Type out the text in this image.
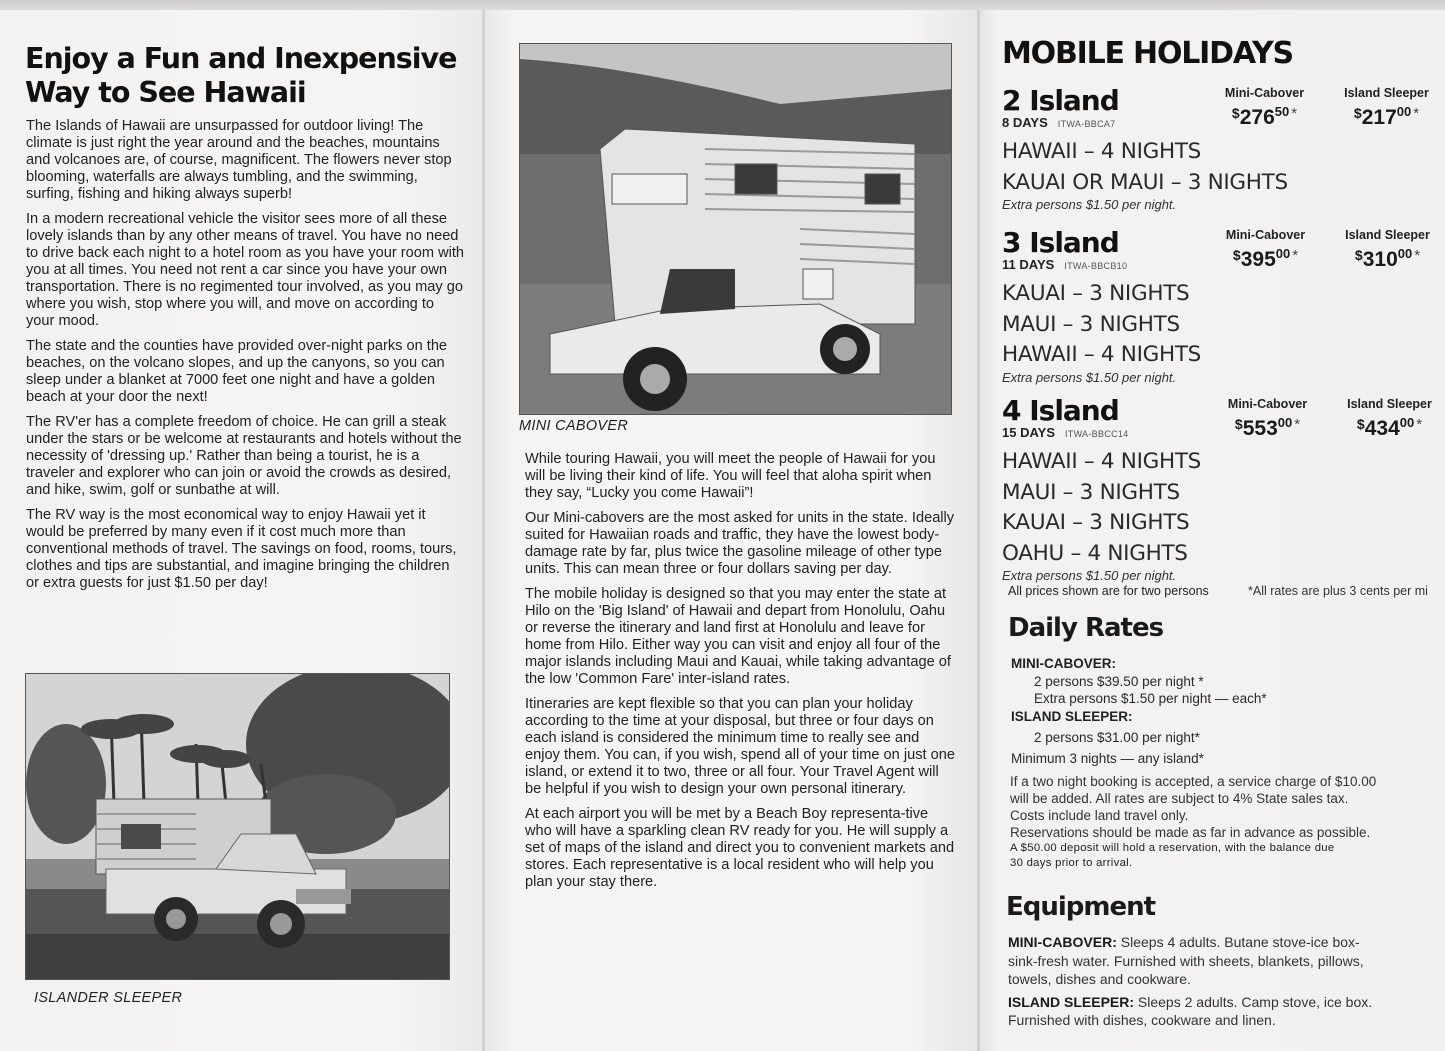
Enjoy a Fun and Inexpensive
Way to See Hawaii

The Islands of Hawaii are unsurpassed for outdoor living! The climate is just right the year around and the beaches, mountains and volcanoes are, of course, magnificent. The flowers never stop blooming, waterfalls are always tumbling, and the swimming, surfing, fishing and hiking always superb!

In a modern recreational vehicle the visitor sees more of all these lovely islands than by any other means of travel. You have no need to drive back each night to a hotel room as you have your room with you at all times. You need not rent a car since you have your own transportation. There is no regimented tour involved, as you may go where you wish, stop where you will, and move on according to your mood.

The state and the counties have provided over-night parks on the beaches, on the volcano slopes, and up the canyons, so you can sleep under a blanket at 7000 feet one night and have a golden beach at your door the next!

The RV'er has a complete freedom of choice. He can grill a steak under the stars or be welcome at restaurants and hotels without the necessity of 'dressing up.' Rather than being a tourist, he is a traveler and explorer who can join or avoid the crowds as desired, and hike, swim, golf or sunbathe at will.

The RV way is the most economical way to enjoy Hawaii yet it would be preferred by many even if it cost much more than conventional methods of travel. The savings on food, rooms, tours, clothes and tips are substantial, and imagine bringing the children or extra guests for just $1.50 per day!

ISLANDER SLEEPER
MINI CABOVER

While touring Hawaii, you will meet the people of Hawaii for you will be living their kind of life. You will feel that aloha spirit when they say, “Lucky you come Hawaii”!

Our Mini-cabovers are the most asked for units in the state. Ideally suited for Hawaiian roads and traffic, they have the lowest body-damage rate by far, plus twice the gasoline mileage of other type units. This can mean three or four dollars saving per day.

The mobile holiday is designed so that you may enter the state at Hilo on the 'Big Island' of Hawaii and depart from Honolulu, Oahu or reverse the itinerary and land first at Honolulu and leave for home from Hilo. Either way you can visit and enjoy all four of the major islands including Maui and Kauai, while taking advantage of the low 'Common Fare' inter-island rates.

Itineraries are kept flexible so that you can plan your holiday according to the time at your disposal, but three or four days on each island is considered the minimum time to really see and enjoy them. You can, if you wish, spend all of your time on just one island, or extend it to two, three or all four. Your Travel Agent will be helpful if you wish to design your own personal itinerary.

At each airport you will be met by a Beach Boy representa-tive who will have a sparkling clean RV ready for you. He will supply a set of maps of the island and direct you to convenient markets and stores. Each representative is a local resident who will help you plan your stay there.

MOBILE HOLIDAYS
2 Island
8 DAYS ITWA-BBCA7
HAWAII – 4 NIGHTS
KAUAI OR MAUI – 3 NIGHTS
Extra persons $1.50 per night.
Mini-Cabover
$^{\$}276^{50}$ *
Island Sleeper
$^{\$}217^{00}$ *
3 Island
11 DAYS ITWA-BBCB10
KAUAI – 3 NIGHTS
MAUI – 3 NIGHTS
HAWAII – 4 NIGHTS
Extra persons $1.50 per night.
Mini-Cabover
$^{\$}395^{00}$ *
Island Sleeper
$^{\$}310^{00}$ *
4 Island
15 DAYS ITWA-BBCC14
HAWAII – 4 NIGHTS
MAUI – 3 NIGHTS
KAUAI – 3 NIGHTS
OAHU – 4 NIGHTS
Extra persons $1.50 per night.
Mini-Cabover
$^{\$}553^{00}$ *
Island Sleeper
$^{\$}434^{00}$ *
All prices shown are for two persons	*All rates are plus 3 cents per mi
Daily Rates
MINI-CABOVER:
2 persons $39.50 per night *
Extra persons $1.50 per night — each*
ISLAND SLEEPER:
2 persons $31.00 per night*
Minimum 3 nights — any island*
If a two night booking is accepted, a service charge of $10.00
will be added. All rates are subject to 4% State sales tax.
Costs include land travel only.
Reservations should be made as far in advance as possible.
A $50.00 deposit will hold a reservation, with the balance due
30 days prior to arrival.
Equipment

MINI-CABOVER: Sleeps 4 adults. Butane stove-ice box-sink-fresh water. Furnished with sheets, blankets, pillows, towels, dishes and cookware.

ISLAND SLEEPER: Sleeps 2 adults. Camp stove, ice box. Furnished with dishes, cookware and linen.
